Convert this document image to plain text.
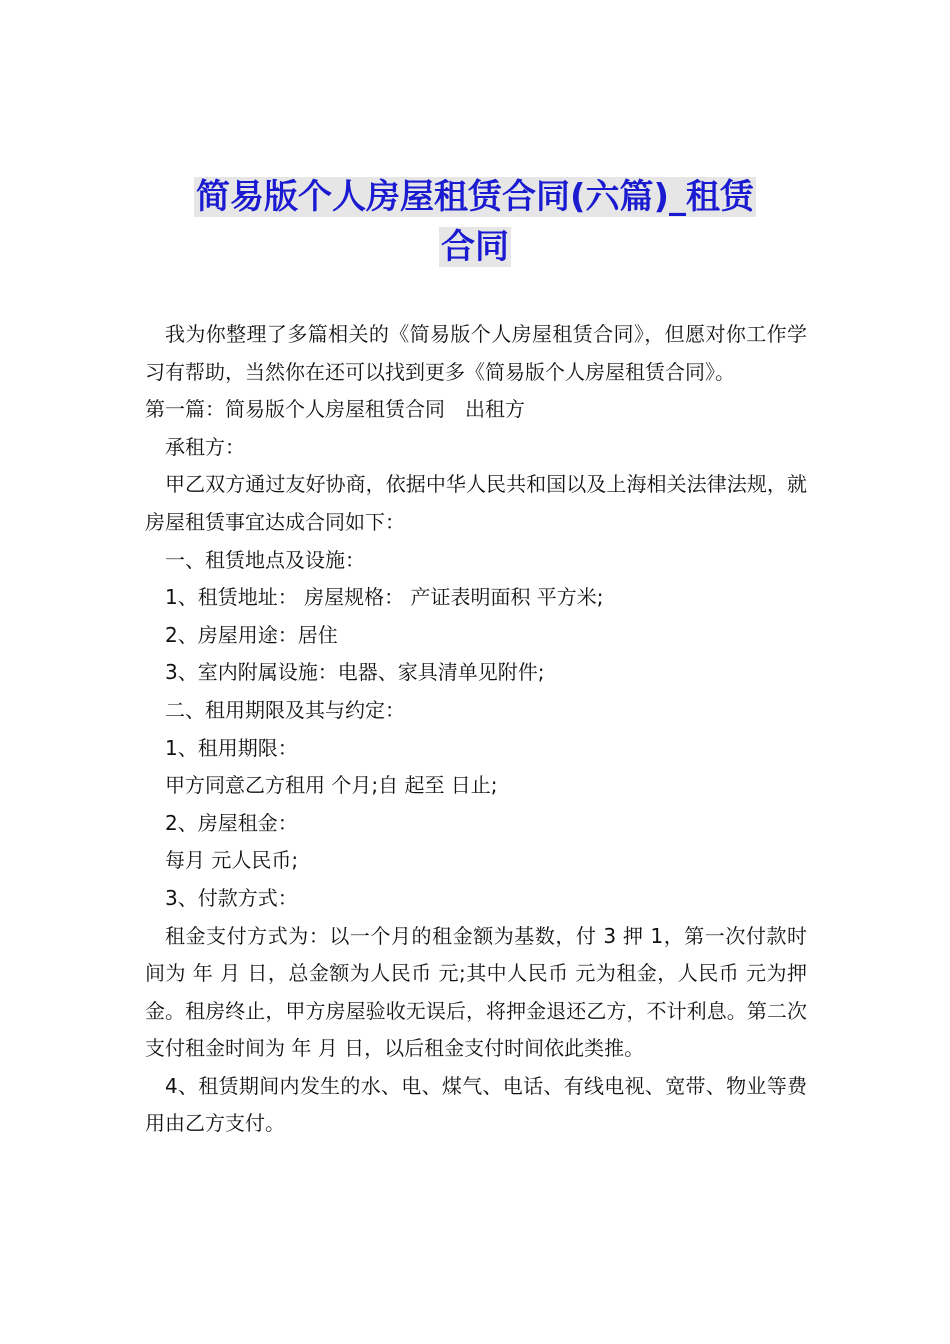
简易版个人房屋租赁合同(六篇)_租赁
合同

我为你整理了多篇相关的《简易版个人房屋租赁合同》，但愿对你工作学习有帮助，当然你在还可以找到更多《简易版个人房屋租赁合同》。

第一篇：简易版个人房屋租赁合同　出租方

承租方：

甲乙双方通过友好协商，依据中华人民共和国以及上海相关法律法规，就房屋租赁事宜达成合同如下：

一、租赁地点及设施：

1、租赁地址： 房屋规格： 产证表明面积 平方米;

2、房屋用途：居住

3、室内附属设施：电器、家具清单见附件;

二、租用期限及其与约定：

1、租用期限：

甲方同意乙方租用 个月;自 起至 日止;

2、房屋租金：

每月 元人民币;

3、付款方式：

租金支付方式为：以一个月的租金额为基数，付 3 押 1，第一次付款时间为 年 月 日，总金额为人民币 元;其中人民币 元为租金，人民币 元为押金。租房终止，甲方房屋验收无误后，将押金退还乙方，不计利息。第二次支付租金时间为 年 月 日，以后租金支付时间依此类推。

4、租赁期间内发生的水、电、煤气、电话、有线电视、宽带、物业等费用由乙方支付。
